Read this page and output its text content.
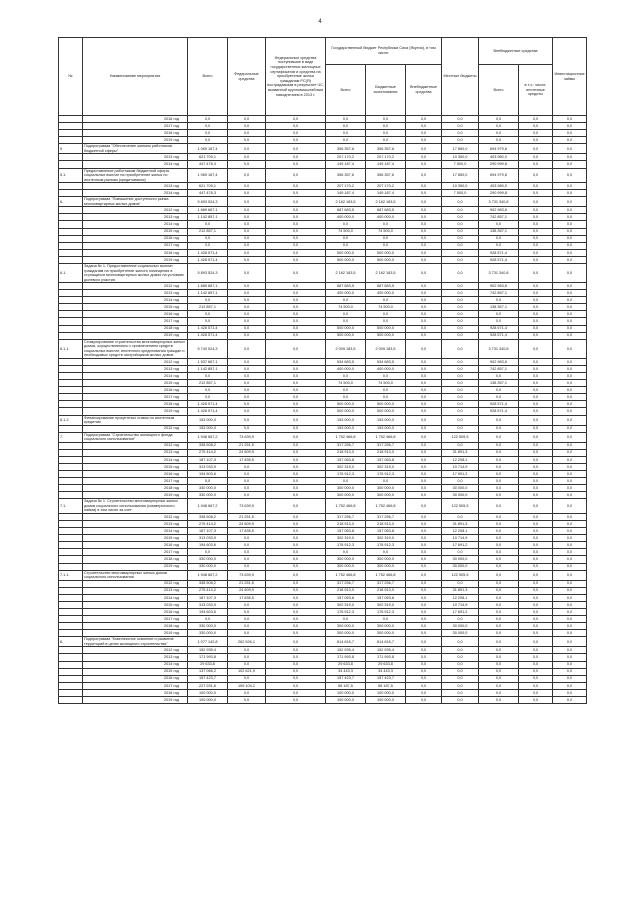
4
№	Наименование мероприятия	Всего	Федеральные средства	Федеральные средства поступившие в виде государственных жилищных сертификатов и средства на приобретение жилья гражданам РС(Я) пострадавшим в результате ЧС, вызванной крупномасштабным наводнением в 2013 г.	Государственный бюджет Республики Саха (Якутия), в том числе:			Местные бюджеты	Внебюджетные средства		Инвестиционные займы
					Всего	Бюджетные ассигнования	Внебюджетные средства		Всего	в т.ч.: числе, ипотечные кредиты	
	2016 год	0,0	0,0	0,0	0,0	0,0	0,0	0,0	0,0	0,0	0,0
	2017 год	0,0	0,0	0,0	0,0	0,0	0,0	0,0	0,0	0,0	0,0
	2018 год	0,0	0,0	0,0	0,0	0,0	0,0	0,0	0,0	0,0	0,0
	2019 год	0,0	0,0	0,0	0,0	0,0	0,0	0,0	0,0	0,0	0,0
5	Подпрограмма "Обеспечение жильем работников бюджетной сферы"	1 069 187,4	0,0	0,0	356 357,6	356 357,6	0,0	17 850,0	694 979,8	0,0	0,0
	2013 год	621 709,1	0,0	0,0	207 170,2	207 170,2	0,0	10 350,0	403 980,0	0,0	0,0
	2014 год	447 478,3	0,0	0,0	149 187,4	149 187,4	0,0	7 500,0	290 999,8	0,0	0,0
5.1.	Предоставление работникам бюджетной сферы социальных выплат на приобретение жилья по ипотечным рынкам (кредитования)	1 069 187,4	0,0	0,0	356 357,6	356 357,6	0,0	17 850,0	694 979,8	0,0	0,0
	2013 год	621 709,1	0,0	0,0	207 170,2	207 170,2	0,0	10 350,0	403 980,0	0,0	0,0
	2014 год	447 478,3	0,0	0,0	149 187,4	149 187,4	0,0	7 500,0	290 999,8	0,0	0,0
6.	Подпрограмма "Повышение доступности рынка многоквартирных жилых домов"	5 893 524,3	0,0	0,0	2 162 183,5	2 162 183,5	0,0	0,0	3 731 340,8	0,0	0,0
	2012 год	1 689 667,1	0,0	0,0	687 683,5	687 683,5	0,0	0,0	902 983,6	0,0	0,0
	2013 год	1 142 857,1	0,0	0,0	400 000,0	400 000,0	0,0	0,0	742 857,1	0,0	0,0
	2014 год	0,0	0,0	0,0	0,0	0,0	0,0	0,0	0,0	0,0	0,0
	2015 год	212 857,1	0,0	0,0	74 500,0	74 500,0	0,0	0,0	138 357,1	0,0	0,0
	2016 год	0,0	0,0	0,0	0,0	0,0	0,0	0,0	0,0	0,0	0,0
	2017 год	0,0	0,0	0,0	0,0	0,0	0,0	0,0	0,0	0,0	0,0
	2018 год	1 428 571,4	0,0	0,0	500 000,0	500 000,0	0,0	0,0	928 571,4	0,0	0,0
	2019 год	1 428 571,4	0,0	0,0	500 000,0	500 000,0	0,0	0,0	928 571,4	0,0	0,0
6.1.	Задача № 1. Предоставление социальных выплат гражданам на приобретение жилого помещения в строящихся многоквартирных жилых домах на условиях долевого участия	5 893 524,3	0,0	0,0	2 162 183,5	2 162 183,5	0,0	0,0	3 731 340,8	0,0	0,0
	2012 год	1 689 667,1	0,0	0,0	687 683,5	687 683,5	0,0	0,0	902 983,6	0,0	0,0
	2013 год	1 142 857,1	0,0	0,0	400 000,0	400 000,0	0,0	0,0	742 857,1	0,0	0,0
	2014 год	0,0	0,0	0,0	0,0	0,0	0,0	0,0	0,0	0,0	0,0
	2015 год	212 857,1	0,0	0,0	74 500,0	74 500,0	0,0	0,0	138 357,1	0,0	0,0
	2016 год	0,0	0,0	0,0	0,0	0,0	0,0	0,0	0,0	0,0	0,0
	2017 год	0,0	0,0	0,0	0,0	0,0	0,0	0,0	0,0	0,0	0,0
	2018 год	1 428 571,4	0,0	0,0	500 000,0	500 000,0	0,0	0,0	928 571,4	0,0	0,0
	2019 год	1 428 571,4	0,0	0,0	500 000,0	500 000,0	0,0	0,0	928 571,4	0,0	0,0
6.1.1.	Стимулирование строительства многоквартирных жилых домов, осуществляемого с привлечением средств социальных выплат, ипотечного кредитования граждан и необходимых средств застройщиков жилых домов	5 740 524,3	0,0	0,0	2 009 183,5	2 009 183,5	0,0	0,0	3 731 340,8	0,0	0,0
	2012 год	1 537 667,1	0,0	0,0	534 683,5	534 683,5	0,0	0,0	902 983,6	0,0	0,0
	2013 год	1 142 857,1	0,0	0,0	400 000,0	400 000,0	0,0	0,0	742 857,1	0,0	0,0
	2014 год	0,0	0,0	0,0	0,0	0,0	0,0	0,0	0,0	0,0	0,0
	2015 год	212 857,1	0,0	0,0	74 500,0	74 500,0	0,0	0,0	138 357,1	0,0	0,0
	2016 год	0,0	0,0	0,0	0,0	0,0	0,0	0,0	0,0	0,0	0,0
	2017 год	0,0	0,0	0,0	0,0	0,0	0,0	0,0	0,0	0,0	0,0
	2018 год	1 428 571,4	0,0	0,0	500 000,0	500 000,0	0,0	0,0	928 571,4	0,0	0,0
	2019 год	1 428 571,4	0,0	0,0	500 000,0	500 000,0	0,0	0,0	928 571,4	0,0	0,0
6.1.2.	Финансирование процентных ставок по ипотечным кредитам	153 000,0	0,0	0,0	153 000,0	153 000,0	0,0	0,0	0,0	0,0	0,0
	2012 год	153 000,0	0,0	0,0	153 000,0	153 000,0	0,0	0,0	0,0	0,0	0,0
7.	Подпрограмма "Строительство жилищного фонда социального использования"	1 948 667,2	73 639,9	0,0	1 752 466,8	1 752 466,8	0,0	122 505,5	0,0	0,0	0,0
	2012 год	338 508,2	21 251,5	0,0	317 256,7	317 256,7	0,0	0,0	0,0	0,0	0,0
	2013 год	275 414,2	24 609,9	0,0	218 913,0	218 913,0	0,0	31 891,3	0,0	0,0	0,0
	2014 год	187 107,3	17 835,5	0,0	157 063,8	157 063,8	0,0	12 208,1	0,0	0,0	0,0
	2015 год	313 033,9	0,0	0,0	302 319,0	302 319,0	0,0	10 714,9	0,0	0,0	0,0
	2016 год	194 603,6	0,0	0,0	176 912,3	176 912,3	0,0	17 691,2	0,0	0,0	0,0
	2017 год	0,0	0,0	0,0	0,0	0,0	0,0	0,0	0,0	0,0	0,0
	2018 год	330 000,0	0,0	0,0	300 000,0	300 000,0	0,0	30 000,0	0,0	0,0	0,0
	2019 год	330 000,0	0,0	0,0	300 000,0	300 000,0	0,0	30 000,0	0,0	0,0	0,0
7.1.	Задача № 1. Строительство многоквартирных жилых домов социального использования (коммерческого найма) в том числе за счет	1 948 667,2	73 639,9	0,0	1 752 466,8	1 752 466,8	0,0	122 505,5	0,0	0,0	0,0
	2012 год	338 508,2	21 251,5	0,0	317 256,7	317 256,7	0,0	0,0	0,0	0,0	0,0
	2013 год	275 414,2	24 609,9	0,0	218 913,0	218 913,0	0,0	31 891,3	0,0	0,0	0,0
	2014 год	187 107,3	17 835,5	0,0	157 063,8	157 063,8	0,0	12 208,1	0,0	0,0	0,0
	2015 год	313 033,9	0,0	0,0	302 319,0	302 319,0	0,0	10 714,9	0,0	0,0	0,0
	2016 год	194 603,6	0,0	0,0	176 912,3	176 912,3	0,0	17 691,2	0,0	0,0	0,0
	2017 год	0,0	0,0	0,0	0,0	0,0	0,0	0,0	0,0	0,0	0,0
	2018 год	330 000,0	0,0	0,0	300 000,0	300 000,0	0,0	30 000,0	0,0	0,0	0,0
	2019 год	330 000,0	0,0	0,0	300 000,0	300 000,0	0,0	30 000,0	0,0	0,0	0,0
7.1.1.	Строительство многоквартирных жилых домов социального использования	1 948 667,2	73 639,9	0,0	1 752 466,8	1 752 466,8	0,0	122 505,5	0,0	0,0	0,0
	2012 год	338 508,2	21 251,5	0,0	317 256,7	317 256,7	0,0	0,0	0,0	0,0	0,0
	2013 год	275 414,2	24 609,9	0,0	218 913,0	218 913,0	0,0	31 891,3	0,0	0,0	0,0
	2014 год	187 107,3	17 835,5	0,0	157 063,8	157 063,8	0,0	12 208,1	0,0	0,0	0,0
	2015 год	313 033,9	0,0	0,0	302 319,0	302 319,0	0,0	10 714,9	0,0	0,0	0,0
	2016 год	194 603,6	0,0	0,0	176 912,3	176 912,3	0,0	17 691,2	0,0	0,0	0,0
	2017 год	0,0	0,0	0,0	0,0	0,0	0,0	0,0	0,0	0,0	0,0
	2018 год	330 000,0	0,0	0,0	300 000,0	300 000,0	0,0	30 000,0	0,0	0,0	0,0
	2019 год	330 000,0	0,0	0,0	300 000,0	300 000,0	0,0	30 000,0	0,0	0,0	0,0
8.	Подпрограмма "Комплексное освоение и развитие территорий в целях жилищного строительства"	1 077 142,8	262 526,1	0,0	814 616,7	814 616,7	0,0	0,0	0,0	0,0	0,0
	2012 год	152 935,4	0,0	0,0	152 935,4	152 935,4	0,0	0,0	0,0	0,0	0,0
	2013 год	171 993,8	0,0	0,0	171 993,8	171 993,8	0,0	0,0	0,0	0,0	0,0
	2014 год	29 633,8	0,0	0,0	29 633,8	29 633,8	0,0	0,0	0,0	0,0	0,0
	2015 год	137 066,2	102 621,9	0,0	34 443,3	34 443,3	0,0	0,0	0,0	0,0	0,0
	2016 год	157 423,7	0,0	0,0	157 423,7	157 423,7	0,0	0,0	0,0	0,0	0,0
	2017 год	227 291,6	159 104,1	0,0	68 187,5	68 187,5	0,0	0,0	0,0	0,0	0,0
	2018 год	100 000,0	0,0	0,0	100 000,0	100 000,0	0,0	0,0	0,0	0,0	0,0
	2019 год	100 000,0	0,0	0,0	100 000,0	100 000,0	0,0	0,0	0,0	0,0	0,0
